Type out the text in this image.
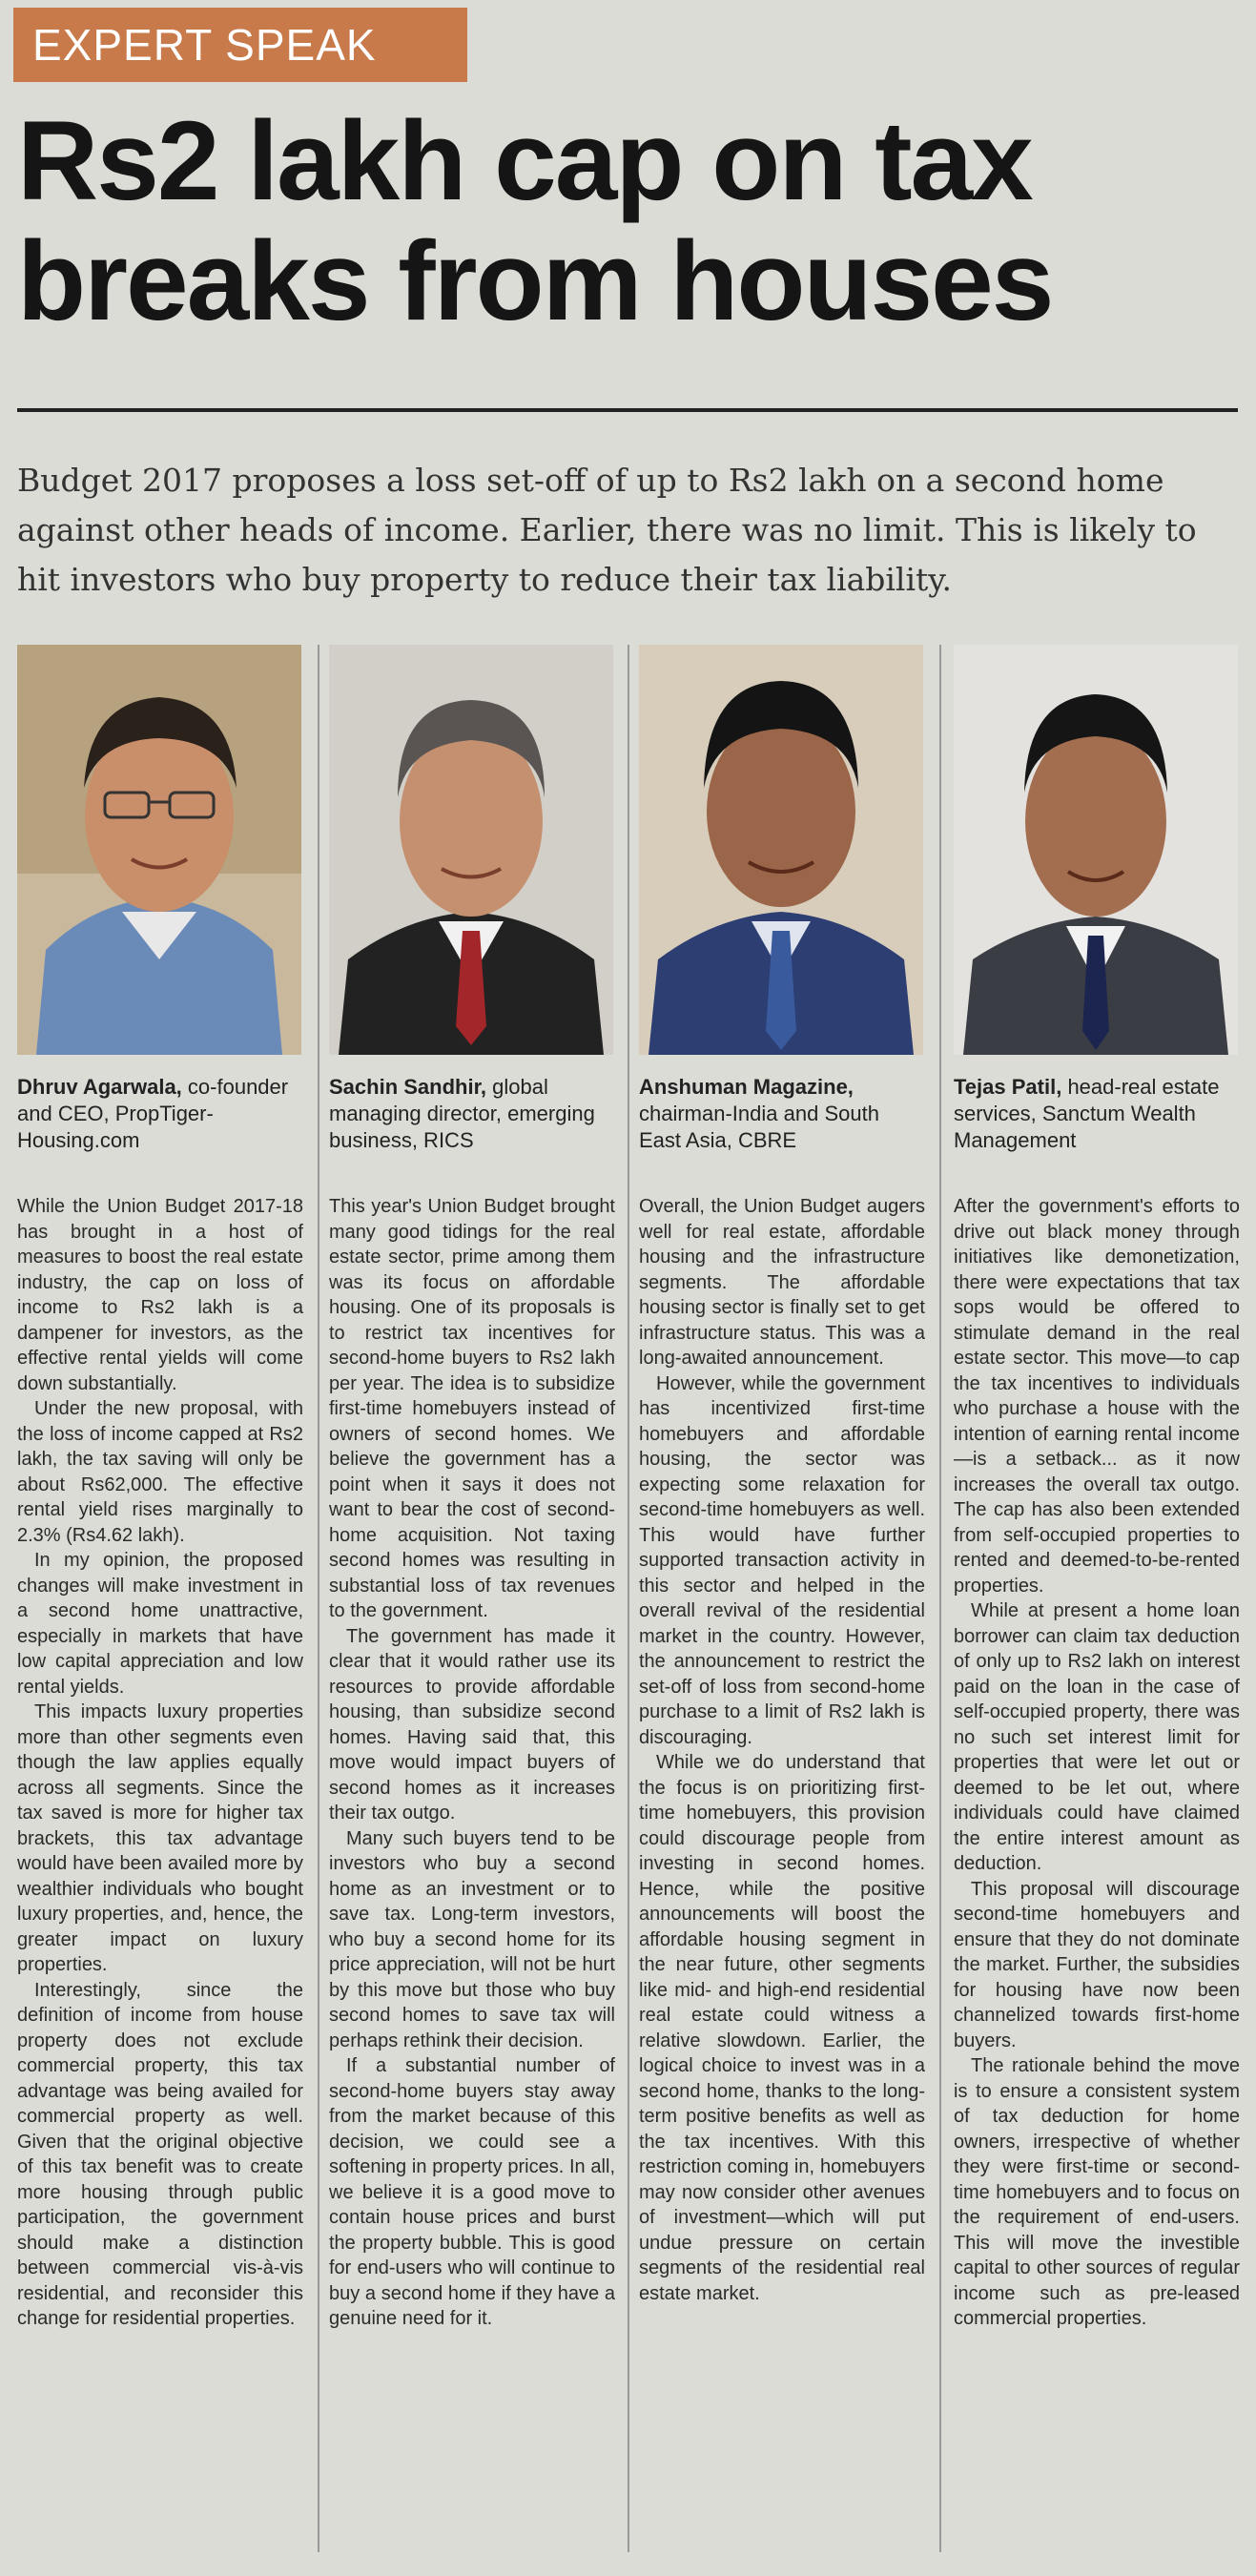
EXPERT SPEAK
Rs2 lakh cap on tax breaks from houses
Budget 2017 proposes a loss set-off of up to Rs2 lakh on a second home against other heads of income. Earlier, there was no limit. This is likely to hit investors who buy property to reduce their tax liability.
Dhruv Agarwala, co-founder and CEO, PropTiger-Housing.com

While the Union Budget 2017-18 has brought in a host of measures to boost the real estate industry, the cap on loss of income to Rs2 lakh is a dampener for investors, as the effective rental yields will come down substantially.

Under the new proposal, with the loss of income capped at Rs2 lakh, the tax saving will only be about Rs62,000. The effective rental yield rises marginally to 2.3% (Rs4.62 lakh).

In my opinion, the proposed changes will make investment in a second home unattractive, especially in markets that have low capital appreciation and low rental yields.

This impacts luxury properties more than other segments even though the law applies equally across all segments. Since the tax saved is more for higher tax brackets, this tax advantage would have been availed more by wealthier individuals who bought luxury properties, and, hence, the greater impact on luxury properties.

Interestingly, since the definition of income from house property does not exclude commercial property, this tax advantage was being availed for commercial property as well. Given that the original objective of this tax benefit was to create more housing through public participation, the government should make a distinction between commercial vis-à-vis residential, and reconsider this change for residential properties.

Sachin Sandhir, global managing director, emerging business, RICS

This year's Union Budget brought many good tidings for the real estate sector, prime among them was its focus on affordable housing. One of its proposals is to restrict tax incentives for second-home buyers to Rs2 lakh per year. The idea is to subsidize first-time homebuyers instead of owners of second homes. We believe the government has a point when it says it does not want to bear the cost of second-home acquisition. Not taxing second homes was resulting in substantial loss of tax revenues to the government.

The government has made it clear that it would rather use its resources to provide affordable housing, than subsidize second homes. Having said that, this move would impact buyers of second homes as it increases their tax outgo.

Many such buyers tend to be investors who buy a second home as an investment or to save tax. Long-term investors, who buy a second home for its price appreciation, will not be hurt by this move but those who buy second homes to save tax will perhaps rethink their decision.

If a substantial number of second-home buyers stay away from the market because of this decision, we could see a softening in property prices. In all, we believe it is a good move to contain house prices and burst the property bubble. This is good for end-users who will continue to buy a second home if they have a genuine need for it.

Anshuman Magazine, chairman-India and South East Asia, CBRE

Overall, the Union Budget augers well for real estate, affordable housing and the infrastructure segments. The affordable housing sector is finally set to get infrastructure status. This was a long-awaited announcement.

However, while the government has incentivized first-time homebuyers and affordable housing, the sector was expecting some relaxation for second-time homebuyers as well. This would have further supported transaction activity in this sector and helped in the overall revival of the residential market in the country. However, the announcement to restrict the set-off of loss from second-home purchase to a limit of Rs2 lakh is discouraging.

While we do understand that the focus is on prioritizing first-time homebuyers, this provision could discourage people from investing in second homes. Hence, while the positive announcements will boost the affordable housing segment in the near future, other segments like mid- and high-end residential real estate could witness a relative slowdown. Earlier, the logical choice to invest was in a second home, thanks to the long-term positive benefits as well as the tax incentives. With this restriction coming in, homebuyers may now consider other avenues of investment—which will put undue pressure on certain segments of the residential real estate market.

Tejas Patil, head-real estate services, Sanctum Wealth Management

After the government's efforts to drive out black money through initiatives like demonetization, there were expectations that tax sops would be offered to stimulate demand in the real estate sector. This move—to cap the tax incentives to individuals who purchase a house with the intention of earning rental income—is a setback... as it now increases the overall tax outgo. The cap has also been extended from self-occupied properties to rented and deemed-to-be-rented properties.

While at present a home loan borrower can claim tax deduction of only up to Rs2 lakh on interest paid on the loan in the case of self-occupied property, there was no such set interest limit for properties that were let out or deemed to be let out, where individuals could have claimed the entire interest amount as deduction.

This proposal will discourage second-time homebuyers and ensure that they do not dominate the market. Further, the subsidies for housing have now been channelized towards first-home buyers.

The rationale behind the move is to ensure a consistent system of tax deduction for home owners, irrespective of whether they were first-time or second-time homebuyers and to focus on the requirement of end-users. This will move the investible capital to other sources of regular income such as pre-leased commercial properties.
